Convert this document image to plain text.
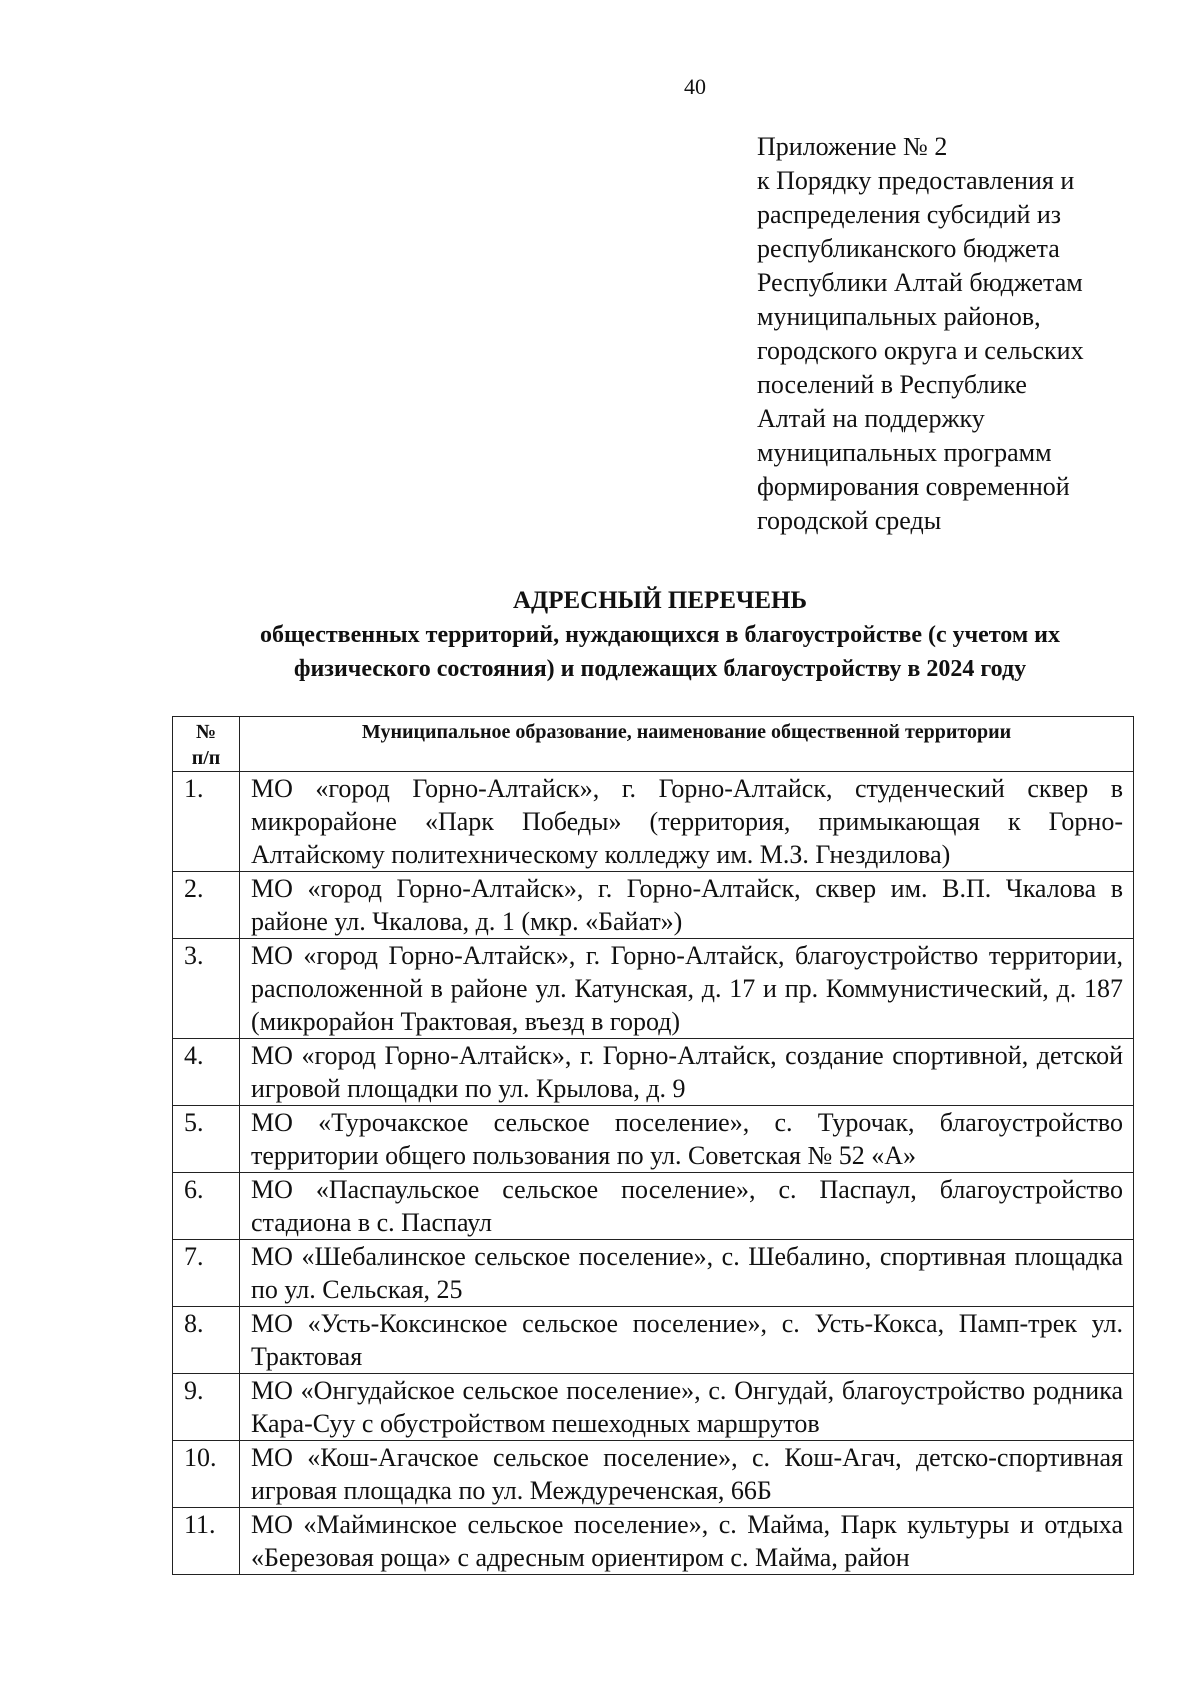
40
Приложение № 2
к Порядку предоставления и
распределения субсидий из
республиканского бюджета
Республики Алтай бюджетам
муниципальных районов,
городского округа и сельских
поселений в Республике
Алтай на поддержку
муниципальных программ
формирования современной
городской среды
АДРЕСНЫЙ ПЕРЕЧЕНЬ
общественных территорий, нуждающихся в благоустройстве (с учетом их
физического состояния) и подлежащих благоустройству в 2024 году
№
п/п	Муниципальное образование, наименование общественной территории
1.	МО «город Горно-Алтайск», г. Горно-Алтайск, студенческий сквер в микрорайоне «Парк Победы» (территория, примыкающая к Горно-Алтайскому политехническому колледжу им. М.З. Гнездилова)
2.	МО «город Горно-Алтайск», г. Горно-Алтайск, сквер им. В.П. Чкалова в районе ул. Чкалова, д. 1 (мкр. «Байат»)
3.	МО «город Горно-Алтайск», г. Горно-Алтайск, благоустройство территории, расположенной в районе ул. Катунская, д. 17 и пр. Коммунистический, д. 187 (микрорайон Трактовая, въезд в город)
4.	МО «город Горно-Алтайск», г. Горно-Алтайск, создание спортивной, детской игровой площадки по ул. Крылова, д. 9
5.	МО «Турочакское сельское поселение», с. Турочак, благоустройство территории общего пользования по ул. Советская № 52 «А»
6.	МО «Паспаульское сельское поселение», с. Паспаул, благоустройство стадиона в с. Паспаул
7.	МО «Шебалинское сельское поселение», с. Шебалино, спортивная площадка по ул. Сельская, 25
8.	МО «Усть-Коксинское сельское поселение», с. Усть-Кокса, Памп-трек ул. Трактовая
9.	МО «Онгудайское сельское поселение», с. Онгудай, благоустройство родника Кара-Суу с обустройством пешеходных маршрутов
10.	МО «Кош-Агачское сельское поселение», с. Кош-Агач, детско-спортивная игровая площадка по ул. Междуреченская, 66Б
11.	МО «Майминское сельское поселение», с. Майма, Парк культуры и отдыха «Березовая роща» с адресным ориентиром с. Майма, район
